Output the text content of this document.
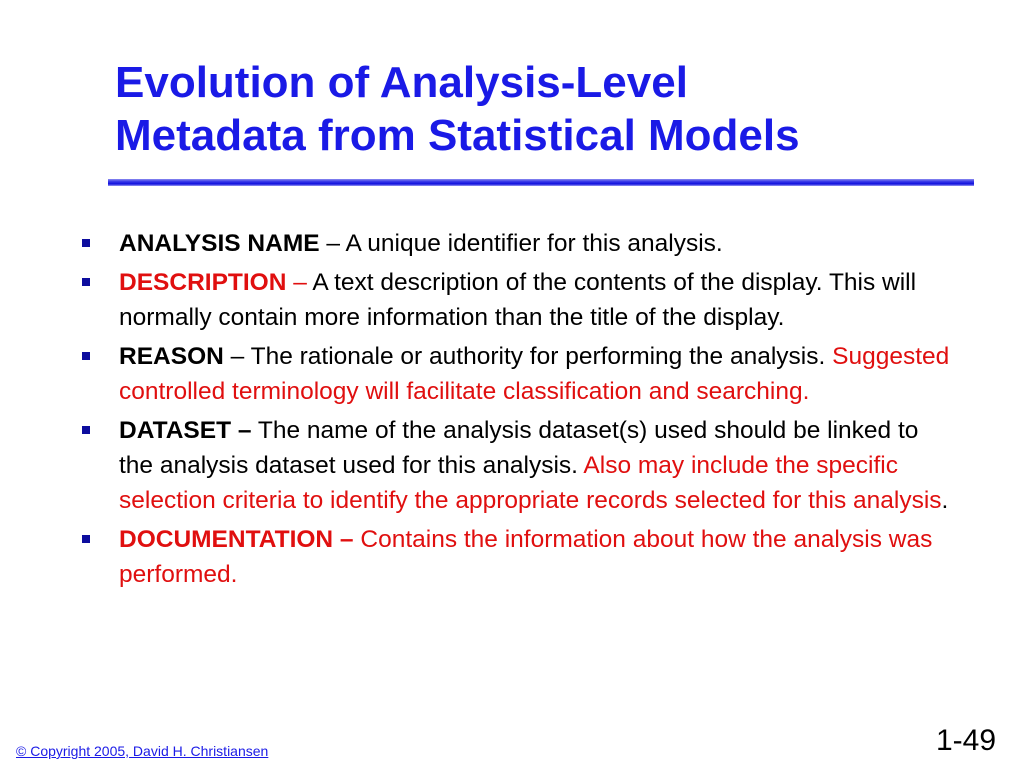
Evolution of Analysis-Level
Metadata from Statistical Models
ANALYSIS NAME – A unique identifier for this analysis.
DESCRIPTION – A text description of the contents of the display. This will normally contain more information than the title of the display.
REASON – The rationale or authority for performing the analysis. Suggested controlled terminology will facilitate classification and searching.
DATASET – The name of the analysis dataset(s) used should be linked to the analysis dataset used for this analysis. Also may include the specific selection criteria to identify the appropriate records selected for this analysis.
DOCUMENTATION – Contains the information about how the analysis was performed.
© Copyright 2005, David H. Christiansen	1-49
